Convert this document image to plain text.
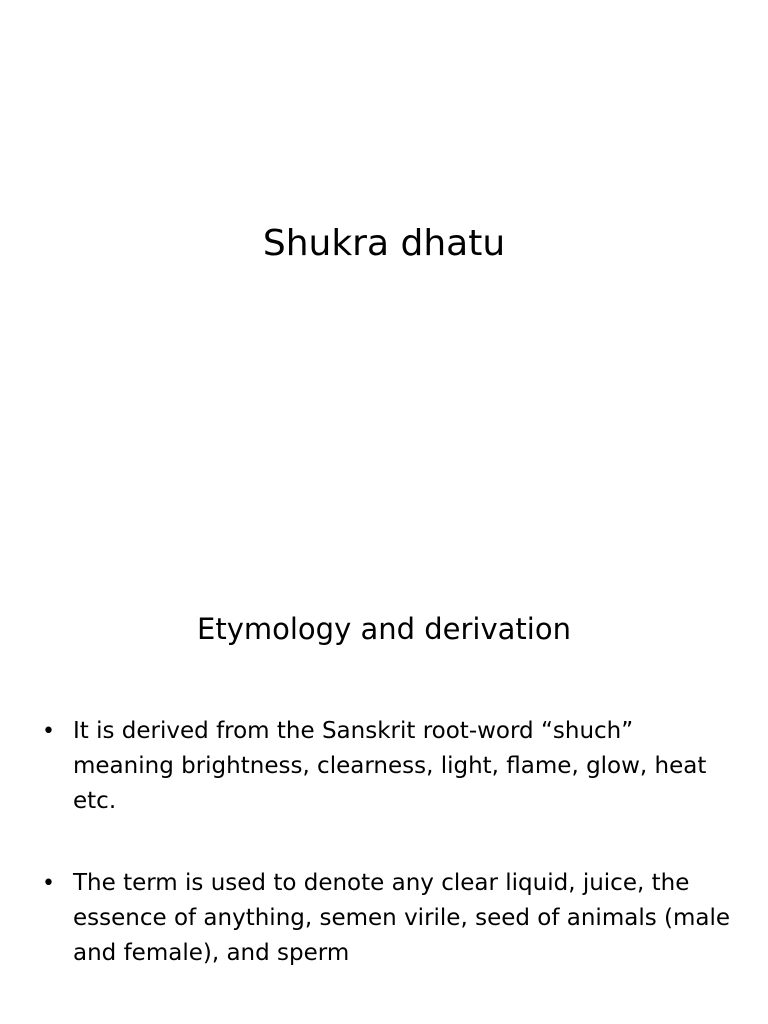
Shukra dhatu
Etymology and derivation
• It is derived from the Sanskrit root-word “shuch” meaning brightness, clearness, light, flame, glow, heat etc.
• The term is used to denote any clear liquid, juice, the essence of anything, semen virile, seed of animals (male and female), and sperm
